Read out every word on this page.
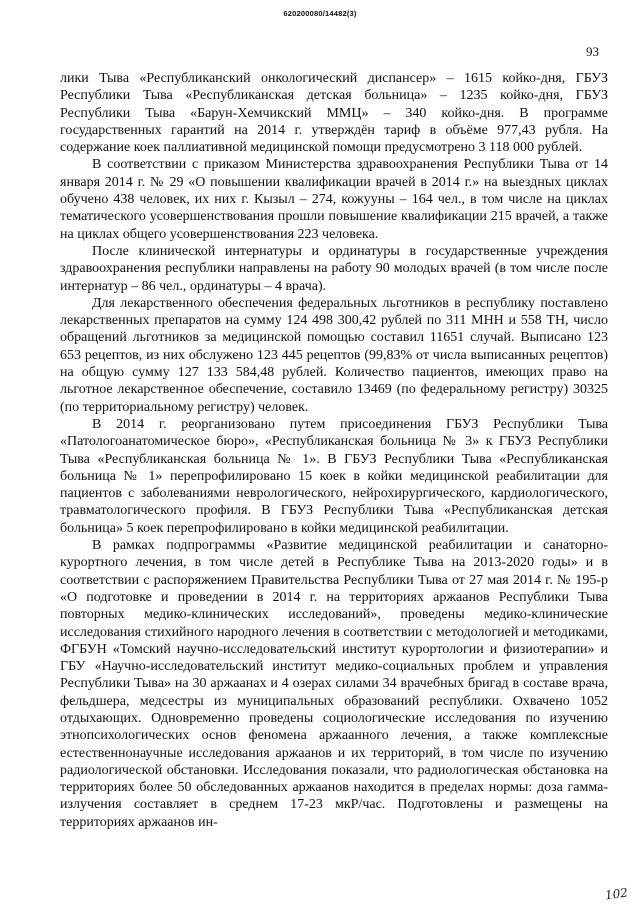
620200080/14482(3)
93

лики Тыва «Республиканский онкологический диспансер» – 1615 койко-дня, ГБУЗ Республики Тыва «Республиканская детская больница» – 1235 койко-дня, ГБУЗ Республики Тыва «Барун-Хемчикский ММЦ» – 340 койко-дня. В программе государственных гарантий на 2014 г. утверждён тариф в объёме 977,43 рубля. На содержание коек паллиативной медицинской помощи предусмотрено 3 118 000 рублей.

В соответствии с приказом Министерства здравоохранения Республики Тыва от 14 января 2014 г. № 29 «О повышении квалификации врачей в 2014 г.» на выездных циклах обучено 438 человек, их них г. Кызыл – 274, кожууны – 164 чел., в том числе на циклах тематического усовершенствования прошли повышение квалификации 215 врачей, а также на циклах общего усовершенствования 223 человека.

После клинической интернатуры и ординатуры в государственные учреждения здравоохранения республики направлены на работу 90 молодых врачей (в том числе после интернатур – 86 чел., ординатуры – 4 врача).

Для лекарственного обеспечения федеральных льготников в республику поставлено лекарственных препаратов на сумму 124 498 300,42 рублей по 311 МНН и 558 ТН, число обращений льготников за медицинской помощью составил 11651 случай. Выписано 123 653 рецептов, из них обслужено 123 445 рецептов (99,83% от числа выписанных рецептов) на общую сумму 127 133 584,48 рублей. Количество пациентов, имеющих право на льготное лекарственное обеспечение, составило 13469 (по федеральному регистру) 30325 (по территориальному регистру) человек.

В 2014 г. реорганизовано путем присоединения ГБУЗ Республики Тыва «Патологоанатомическое бюро», «Республиканская больница № 3» к ГБУЗ Республики Тыва «Республиканская больница № 1». В ГБУЗ Республики Тыва «Республиканская больница № 1» перепрофилировано 15 коек в койки медицинской реабилитации для пациентов с заболеваниями неврологического, нейрохирургического, кардиологического, травматологического профиля. В ГБУЗ Республики Тыва «Республиканская детская больница» 5 коек перепрофилировано в койки медицинской реабилитации.

В рамках подпрограммы «Развитие медицинской реабилитации и санаторно-курортного лечения, в том числе детей в Республике Тыва на 2013-2020 годы» и в соответствии с распоряжением Правительства Республики Тыва от 27 мая 2014 г. № 195-р «О подготовке и проведении в 2014 г. на территориях аржаанов Республики Тыва повторных медико-клинических исследований», проведены медико-клинические исследования стихийного народного лечения в соответствии с методологией и методиками, ФГБУН «Томский научно-исследовательский институт курортологии и физиотерапии» и ГБУ «Научно-исследовательский институт медико-социальных проблем и управления Республики Тыва» на 30 аржаанах и 4 озерах силами 34 врачебных бригад в составе врача, фельдшера, медсестры из муниципальных образований республики. Охвачено 1052 отдыхающих. Одновременно проведены социологические исследования по изучению этнопсихологических основ феномена аржаанного лечения, а также комплексные естественнонаучные исследования аржаанов и их территорий, в том числе по изучению радиологической обстановки. Исследования показали, что радиологическая обстановка на территориях более 50 обследованных аржаанов находится в пределах нормы: доза гамма-излучения составляет в среднем 17-23 мкР/час. Подготовлены и размещены на территориях аржаанов ин-

102
